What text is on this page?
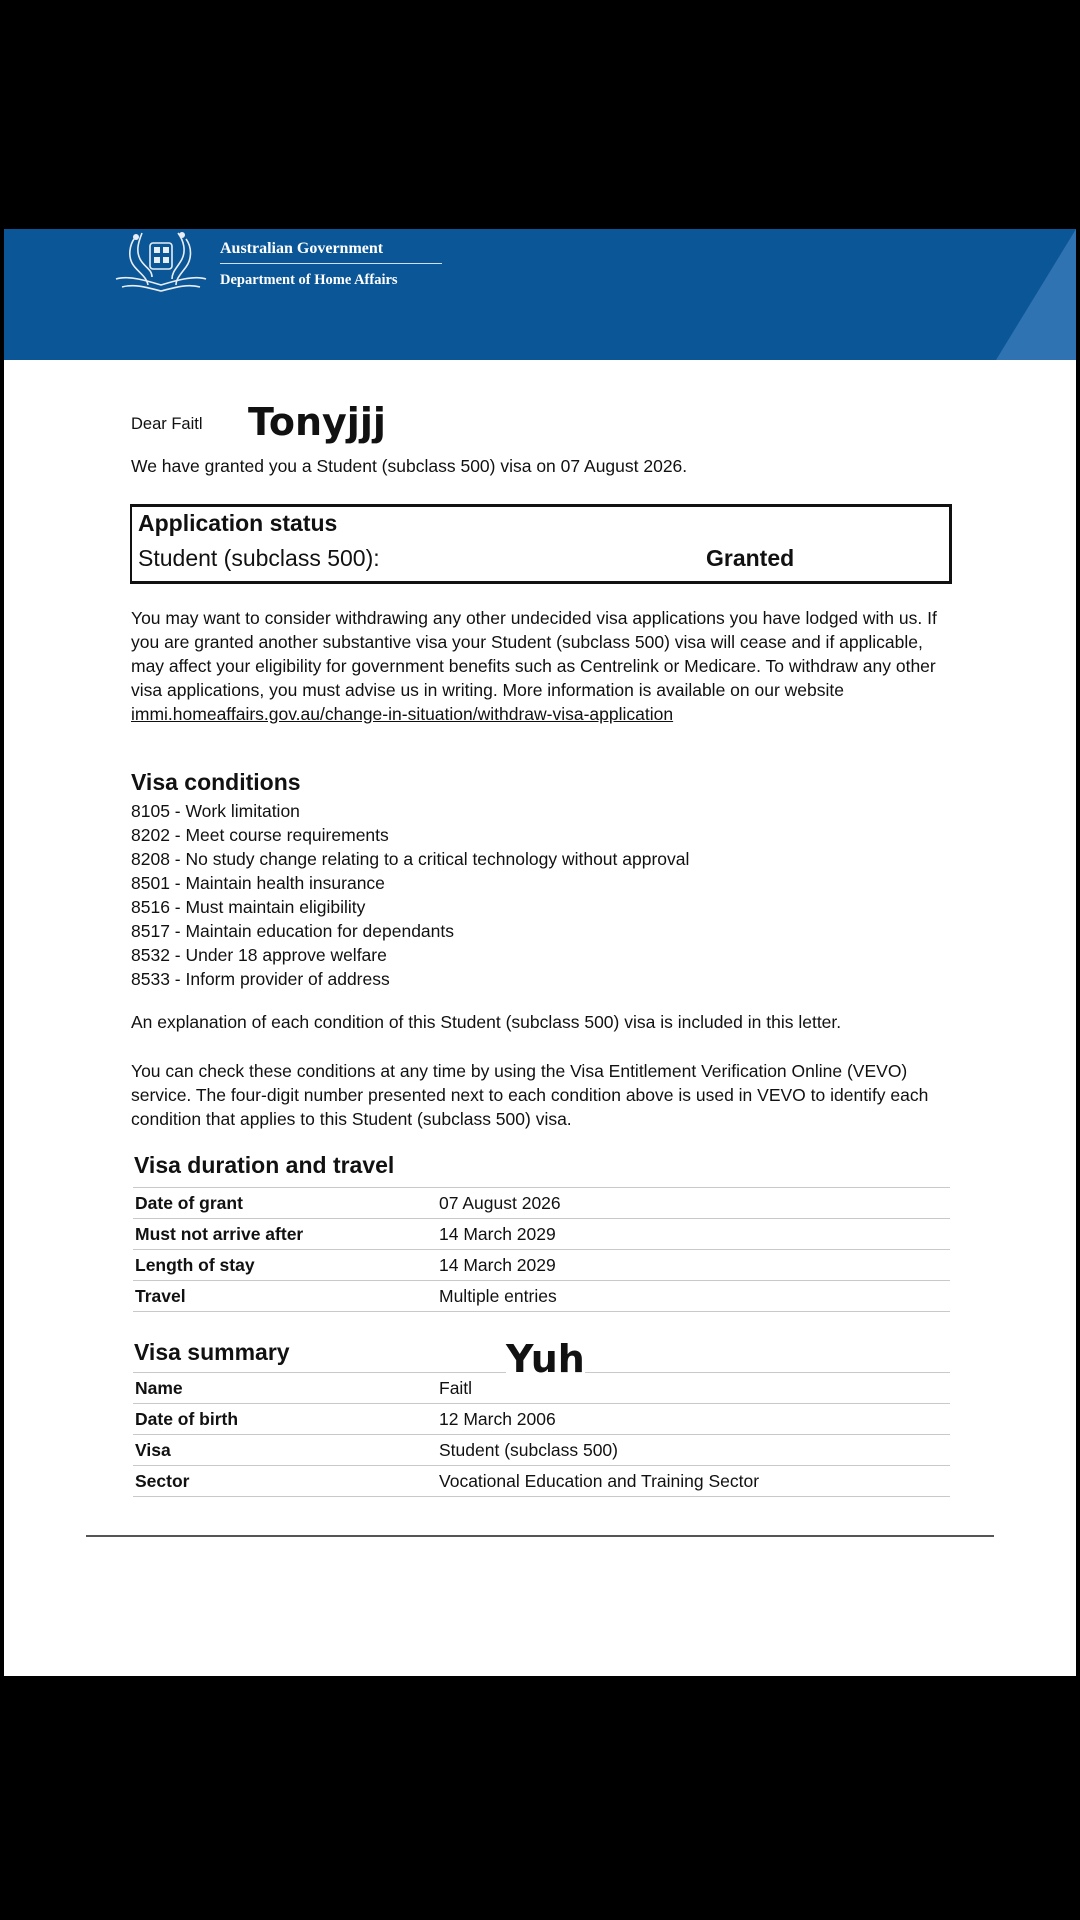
Australian Government
Department of Home Affairs
Dear Faitl Tonyjjj
We have granted you a Student (subclass 500) visa on 07 August 2026.
Application status
Student (subclass 500):	Granted
You may want to consider withdrawing any other undecided visa applications you have lodged with us. If you are granted another substantive visa your Student (subclass 500) visa will cease and if applicable, may affect your eligibility for government benefits such as Centrelink or Medicare. To withdraw any other visa applications, you must advise us in writing. More information is available on our website immi.homeaffairs.gov.au/change-in-situation/withdraw-visa-application
Visa conditions
8105 - Work limitation
8202 - Meet course requirements
8208 - No study change relating to a critical technology without approval
8501 - Maintain health insurance
8516 - Must maintain eligibility
8517 - Maintain education for dependants
8532 - Under 18 approve welfare
8533 - Inform provider of address
An explanation of each condition of this Student (subclass 500) visa is included in this letter.
You can check these conditions at any time by using the Visa Entitlement Verification Online (VEVO) service. The four-digit number presented next to each condition above is used in VEVO to identify each condition that applies to this Student (subclass 500) visa.
Visa duration and travel
Date of grant	07 August 2026
Must not arrive after	14 March 2029
Length of stay	14 March 2029
Travel	Multiple entries
Visa summary
Name	Faitl
Date of birth	12 March 2006
Visa	Student (subclass 500)
Sector	Vocational Education and Training Sector
Yuh
